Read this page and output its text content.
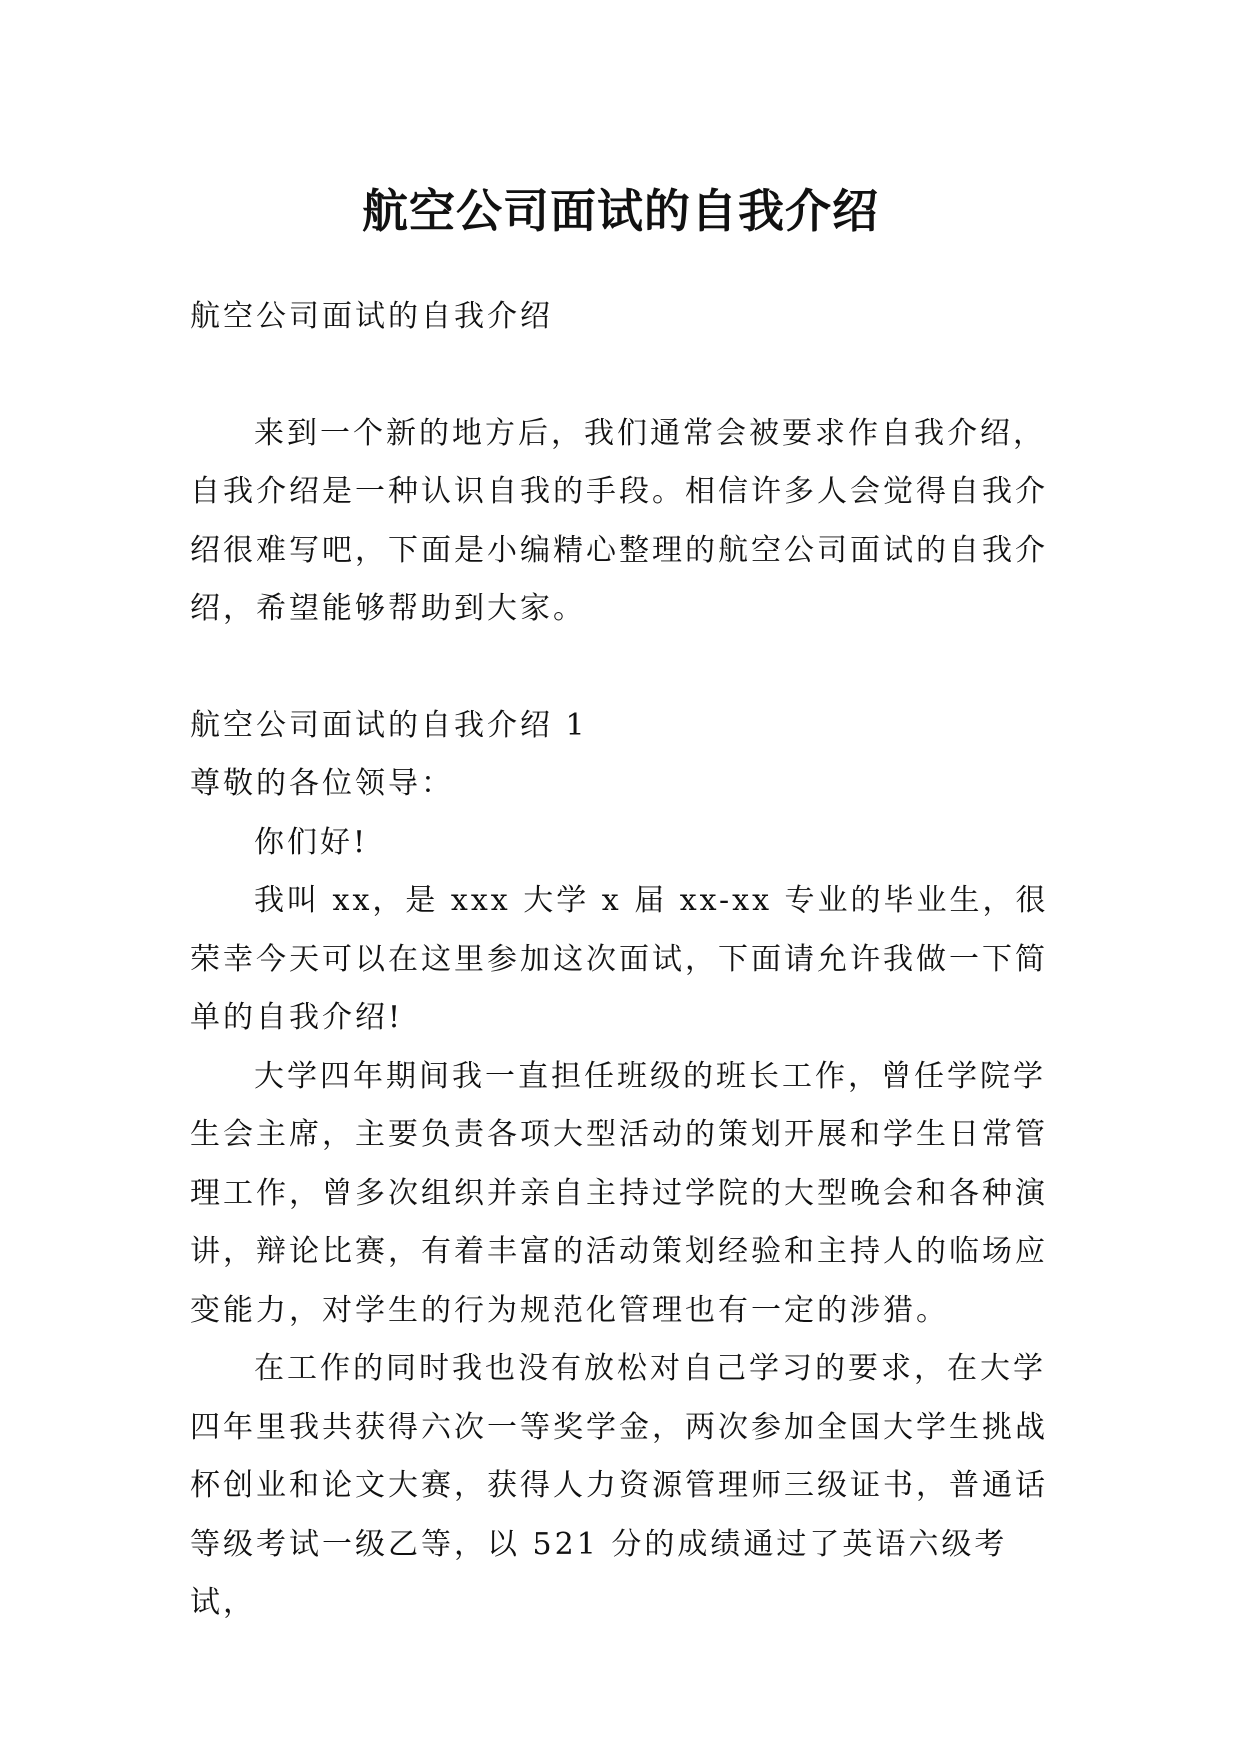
航空公司面试的自我介绍

航空公司面试的自我介绍

来到一个新的地方后，我们通常会被要求作自我介绍，自我介绍是一种认识自我的手段。相信许多人会觉得自我介绍很难写吧，下面是小编精心整理的航空公司面试的自我介绍，希望能够帮助到大家。

航空公司面试的自我介绍 1

尊敬的各位领导：

你们好!

我叫 xx，是 xxx 大学 x 届 xx-xx 专业的毕业生，很荣幸今天可以在这里参加这次面试，下面请允许我做一下简单的自我介绍!

大学四年期间我一直担任班级的班长工作，曾任学院学生会主席，主要负责各项大型活动的策划开展和学生日常管理工作，曾多次组织并亲自主持过学院的大型晚会和各种演讲，辩论比赛，有着丰富的活动策划经验和主持人的临场应变能力，对学生的行为规范化管理也有一定的涉猎。

在工作的同时我也没有放松对自己学习的要求，在大学四年里我共获得六次一等奖学金，两次参加全国大学生挑战杯创业和论文大赛，获得人力资源管理师三级证书，普通话等级考试一级乙等，以 521 分的成绩通过了英语六级考试，
